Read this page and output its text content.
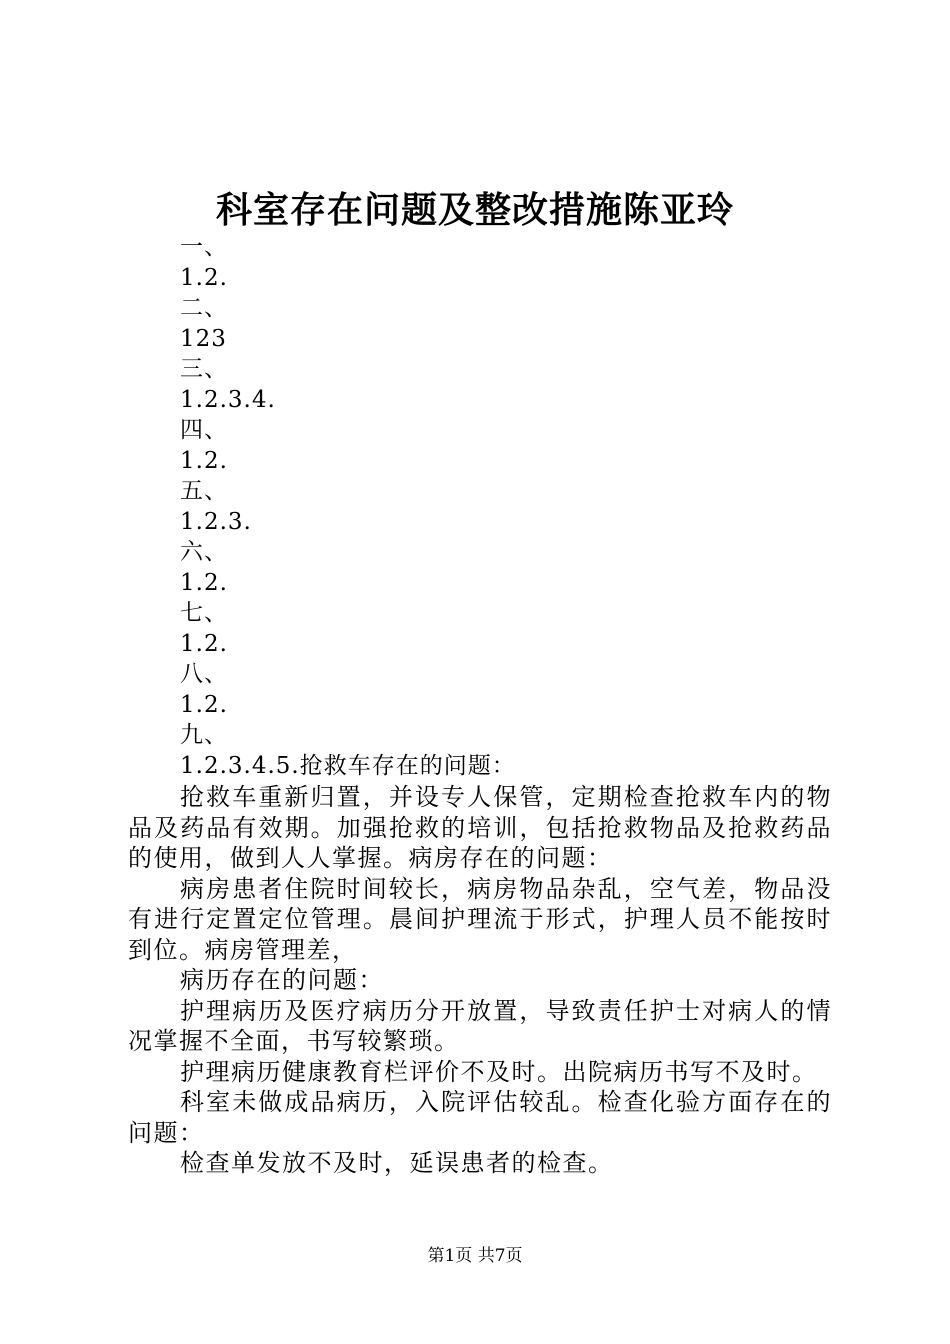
科室存在问题及整改措施陈亚玲
一、
1.2.
二、
123
三、
1.2.3.4.
四、
1.2.
五、
1.2.3.
六、
1.2.
七、
1.2.
八、
1.2.
九、
1.2.3.4.5.抢救车存在的问题：

抢救车重新归置，并设专人保管，定期检查抢救车内的物品及药品有效期。加强抢救的培训，包括抢救物品及抢救药品的使用，做到人人掌握。病房存在的问题：

病房患者住院时间较长，病房物品杂乱，空气差，物品没有进行定置定位管理。晨间护理流于形式，护理人员不能按时到位。病房管理差，

病历存在的问题：

护理病历及医疗病历分开放置，导致责任护士对病人的情况掌握不全面，书写较繁琐。

护理病历健康教育栏评价不及时。出院病历书写不及时。

科室未做成品病历，入院评估较乱。检查化验方面存在的问题：

检查单发放不及时，延误患者的检查。

第1页 共7页
